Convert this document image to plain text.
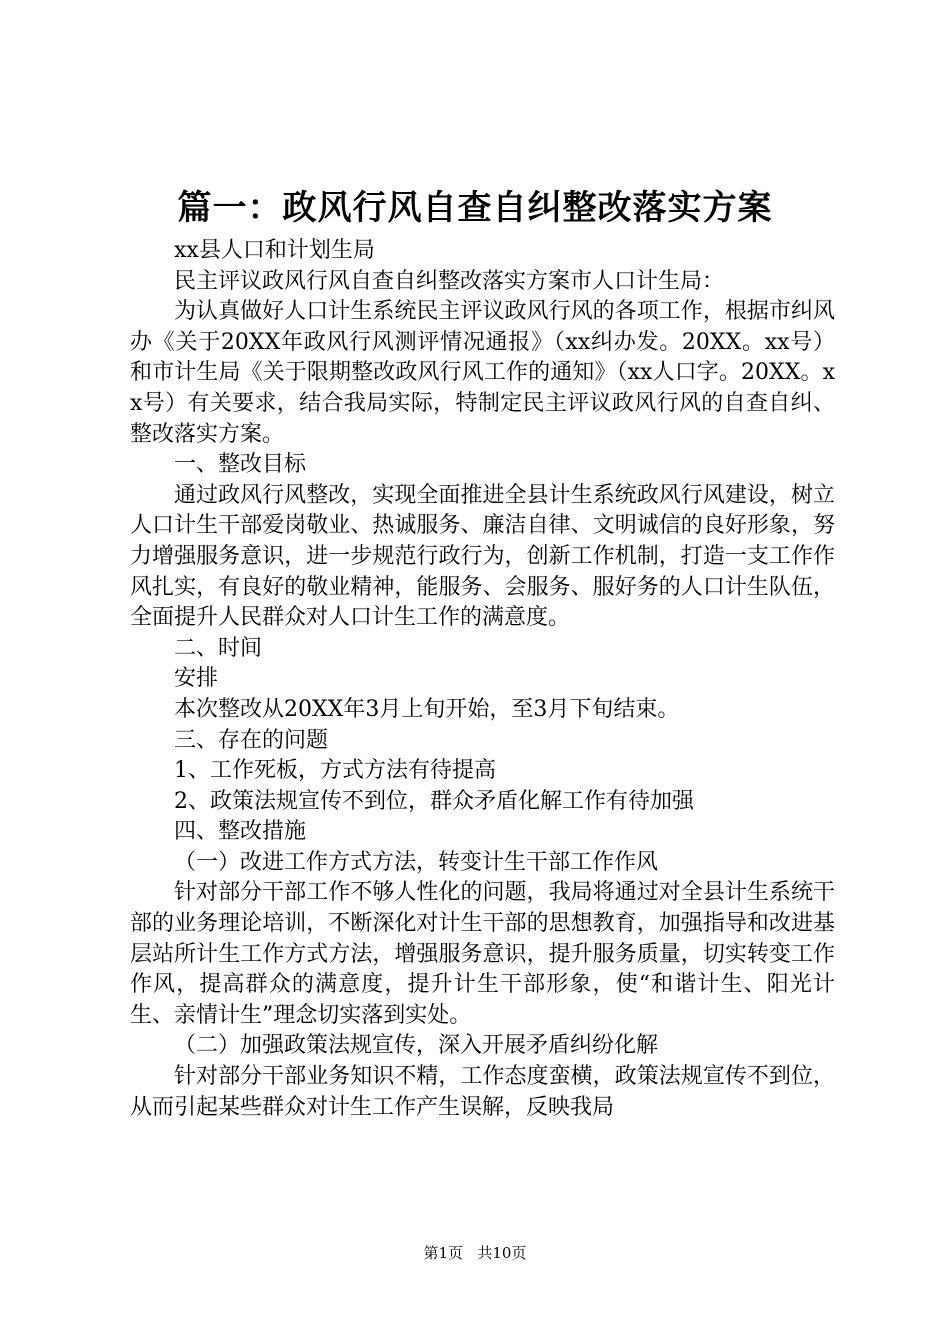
篇一：政风行风自查自纠整改落实方案

xx县人口和计划生局

民主评议政风行风自查自纠整改落实方案市人口计生局：

为认真做好人口计生系统民主评议政风行风的各项工作，根据市纠风办《关于20XX年政风行风测评情况通报》（xx纠办发。20XX。xx号）和市计生局《关于限期整改政风行风工作的通知》（xx人口字。20XX。xx号）有关要求，结合我局实际，特制定民主评议政风行风的自查自纠、整改落实方案。

一、整改目标

通过政风行风整改，实现全面推进全县计生系统政风行风建设，树立人口计生干部爱岗敬业、热诚服务、廉洁自律、文明诚信的良好形象，努力增强服务意识，进一步规范行政行为，创新工作机制，打造一支工作作风扎实，有良好的敬业精神，能服务、会服务、服好务的人口计生队伍，全面提升人民群众对人口计生工作的满意度。

二、时间

安排

本次整改从20XX年3月上旬开始，至3月下旬结束。

三、存在的问题

1、工作死板，方式方法有待提高

2、政策法规宣传不到位，群众矛盾化解工作有待加强

四、整改措施

（一）改进工作方式方法，转变计生干部工作作风

针对部分干部工作不够人性化的问题，我局将通过对全县计生系统干部的业务理论培训，不断深化对计生干部的思想教育，加强指导和改进基层站所计生工作方式方法，增强服务意识，提升服务质量，切实转变工作作风，提高群众的满意度，提升计生干部形象，使“和谐计生、阳光计生、亲情计生”理念切实落到实处。

（二）加强政策法规宣传，深入开展矛盾纠纷化解

针对部分干部业务知识不精，工作态度蛮横，政策法规宣传不到位，从而引起某些群众对计生工作产生误解，反映我局

第1页 共10页
